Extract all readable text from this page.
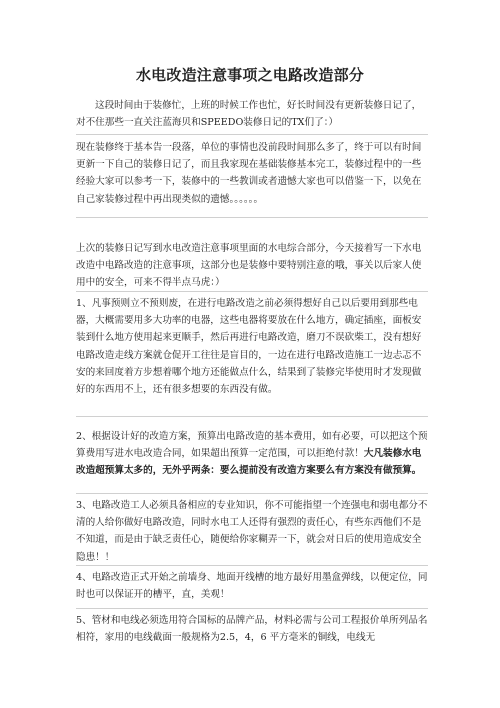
水电改造注意事项之电路改造部分

这段时间由于装修忙，上班的时候工作也忙，好长时间没有更新装修日记了，对不住那些一直关注蓝海贝和SPEEDO装修日记的TX们了：）

现在装修终于基本告一段落，单位的事情也没前段时间那么多了，终于可以有时间更新一下自己的装修日记了，而且我家现在基础装修基本完工，装修过程中的一些经验大家可以参考一下，装修中的一些教训或者遗憾大家也可以借鉴一下，以免在自己家装修过程中再出现类似的遗憾。。。。。。

上次的装修日记写到水电改造注意事项里面的水电综合部分，今天接着写一下水电改造中电路改造的注意事项，这部分也是装修中要特别注意的哦，事关以后家人使用中的安全，可来不得半点马虎：）

1、凡事预则立不预则废，在进行电路改造之前必须得想好自己以后要用到那些电器，大概需要用多大功率的电器，这些电器将要放在什么地方，确定插座，面板安装到什么地方使用起来更顺手，然后再进行电路改造，磨刀不误砍柴工，没有想好电路改造走线方案就仓促开工往往是盲目的，一边在进行电路改造施工一边忐忑不安的来回度着方步想着哪个地方还能做点什么，结果到了装修完毕使用时才发现做好的东西用不上，还有很多想要的东西没有做。

2、根据设计好的改造方案，预算出电路改造的基本费用，如有必要，可以把这个预算费用写进水电改造合同，如果超出预算一定范围，可以拒绝付款！大凡装修水电改造超预算太多的，无外乎两条：要么提前没有改造方案要么有方案没有做预算。

3、电路改造工人必须具备相应的专业知识，你不可能指望一个连强电和弱电都分不清的人给你做好电路改造，同时水电工人还得有强烈的责任心，有些东西他们不是不知道，而是由于缺乏责任心，随便给你家糊弄一下，就会对日后的使用造成安全隐患！！

4、电路改造正式开始之前墙身、地面开线槽的地方最好用墨盒弹线，以便定位，同时也可以保证开的槽平，直，美观！

5、管材和电线必须选用符合国标的品牌产品，材料必需与公司工程报价单所列品名相符，家用的电线截面一般规格为2.5，4，6 平方毫米的铜线，电线无
